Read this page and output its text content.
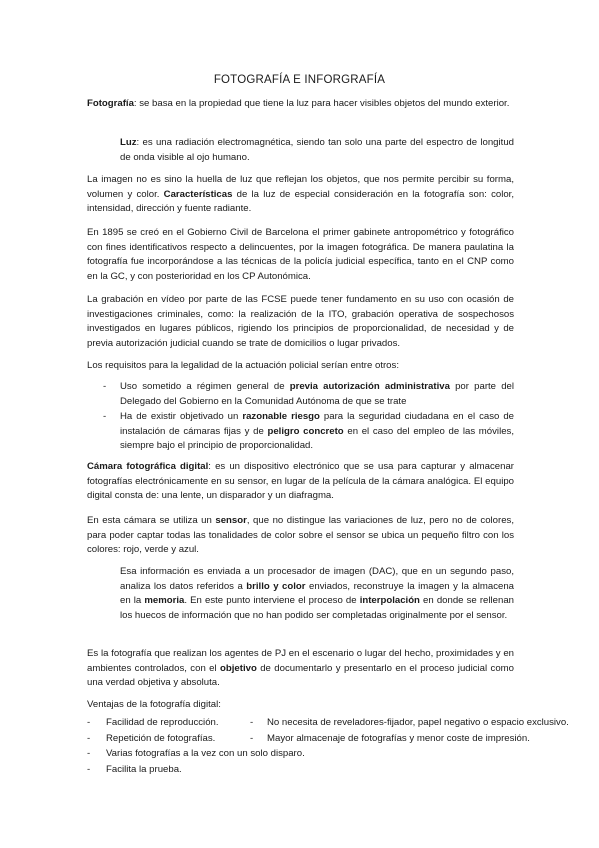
FOTOGRAFÍA E INFORGRAFÍA
Fotografía: se basa en la propiedad que tiene la luz para hacer visibles objetos del mundo exterior.
Luz: es una radiación electromagnética, siendo tan solo una parte del espectro de longitud de onda visible al ojo humano.
La imagen no es sino la huella de luz que reflejan los objetos, que nos permite percibir su forma, volumen y color. Características de la luz de especial consideración en la fotografía son: color, intensidad, dirección y fuente radiante.
En 1895 se creó en el Gobierno Civil de Barcelona el primer gabinete antropométrico y fotográfico con fines identificativos respecto a delincuentes, por la imagen fotográfica. De manera paulatina la fotografía fue incorporándose a las técnicas de la policía judicial específica, tanto en el CNP como en la GC, y con posterioridad en los CP Autonómica.
La grabación en vídeo por parte de las FCSE puede tener fundamento en su uso con ocasión de investigaciones criminales, como: la realización de la ITO, grabación operativa de sospechosos investigados en lugares públicos, rigiendo los principios de proporcionalidad, de necesidad y de previa autorización judicial cuando se trate de domicilios o lugar privados.
Los requisitos para la legalidad de la actuación policial serían entre otros:
- Uso sometido a régimen general de previa autorización administrativa por parte del Delegado del Gobierno en la Comunidad Autónoma de que se trate
- Ha de existir objetivado un razonable riesgo para la seguridad ciudadana en el caso de instalación de cámaras fijas y de peligro concreto en el caso del empleo de las móviles, siempre bajo el principio de proporcionalidad.
Cámara fotográfica digital: es un dispositivo electrónico que se usa para capturar y almacenar fotografías electrónicamente en su sensor, en lugar de la película de la cámara analógica. El equipo digital consta de: una lente, un disparador y un diafragma.
En esta cámara se utiliza un sensor, que no distingue las variaciones de luz, pero no de colores, para poder captar todas las tonalidades de color sobre el sensor se ubica un pequeño filtro con los colores: rojo, verde y azul.
Esa información es enviada a un procesador de imagen (DAC), que en un segundo paso, analiza los datos referidos a brillo y color enviados, reconstruye la imagen y la almacena en la memoria. En este punto interviene el proceso de interpolación en donde se rellenan los huecos de información que no han podido ser completadas originalmente por el sensor.
Es la fotografía que realizan los agentes de PJ en el escenario o lugar del hecho, proximidades y en ambientes controlados, con el objetivo de documentarlo y presentarlo en el proceso judicial como una verdad objetiva y absoluta.
Ventajas de la fotografía digital:
- Facilidad de reproducción.	- No necesita de reveladores-fijador, papel negativo o espacio exclusivo.
- Repetición de fotografías.	- Mayor almacenaje de fotografías y menor coste de impresión.
- Varias fotografías a la vez con un solo disparo.
- Facilita la prueba.
